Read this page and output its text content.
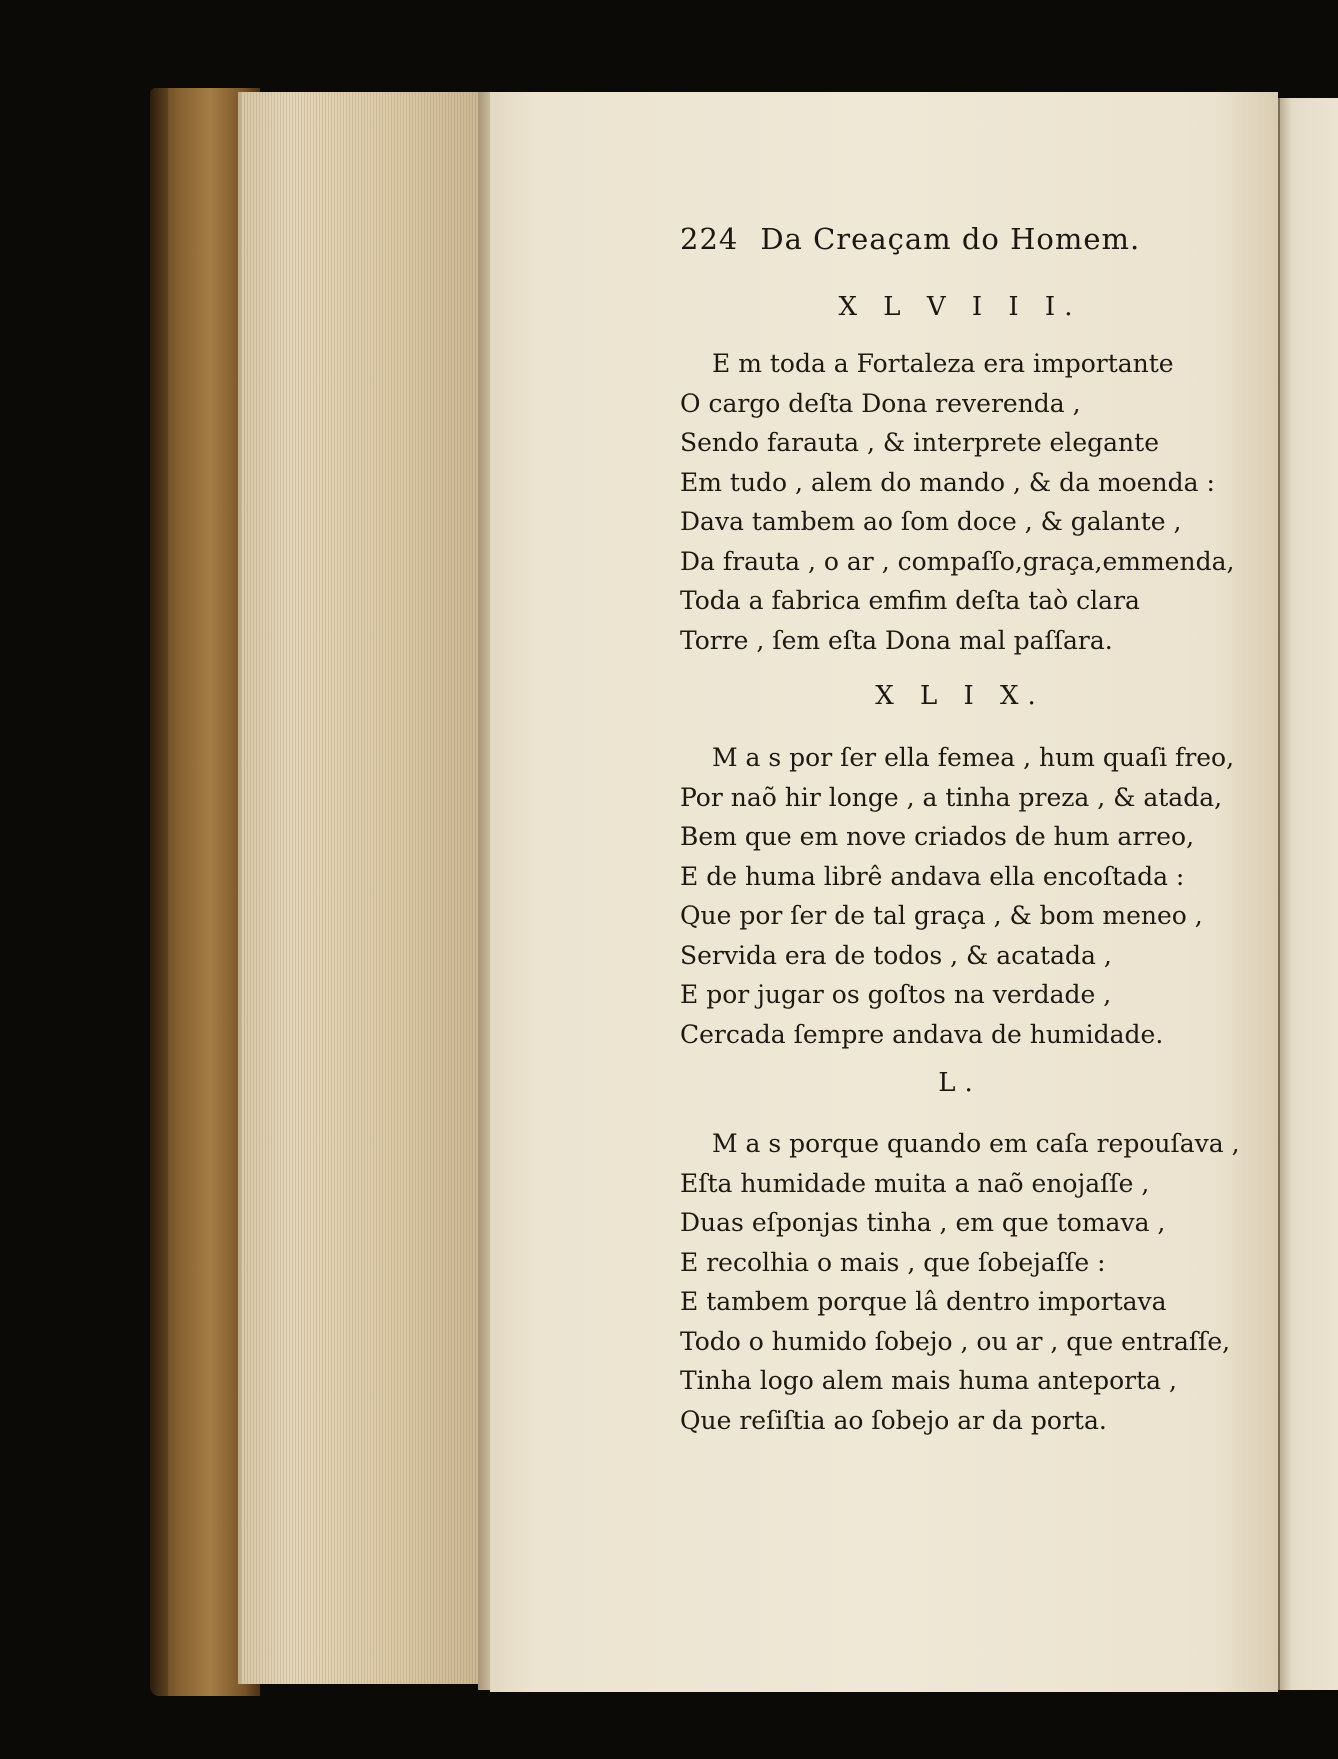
224 Da Creaçam do Homem.
X L V I I I.
E m toda a Fortaleza era importante
O cargo deſta Dona reverenda ,
Sendo farauta , & interprete elegante
Em tudo , alem do mando , & da moenda :
Dava tambem ao ſom doce , & galante ,
Da frauta , o ar , compaſſo,graça,emmenda,
Toda a fabrica emfim deſta taò clara
Torre , ſem eſta Dona mal paſſara.
X L I X.
M a s por ſer ella femea , hum quaſi freo,
Por naõ hir longe , a tinha preza , & atada,
Bem que em nove criados de hum arreo,
E de huma librê andava ella encoſtada :
Que por ſer de tal graça , & bom meneo ,
Servida era de todos , & acatada ,
E por jugar os goſtos na verdade ,
Cercada ſempre andava de humidade.
L.
M a s porque quando em caſa repouſava ,
Eſta humidade muita a naõ enojaſſe ,
Duas eſponjas tinha , em que tomava ,
E recolhia o mais , que ſobejaſſe :
E tambem porque lâ dentro importava
Todo o humido ſobejo , ou ar , que entraſſe,
Tinha logo alem mais huma anteporta ,
Que reſiſtia ao ſobejo ar da porta.
